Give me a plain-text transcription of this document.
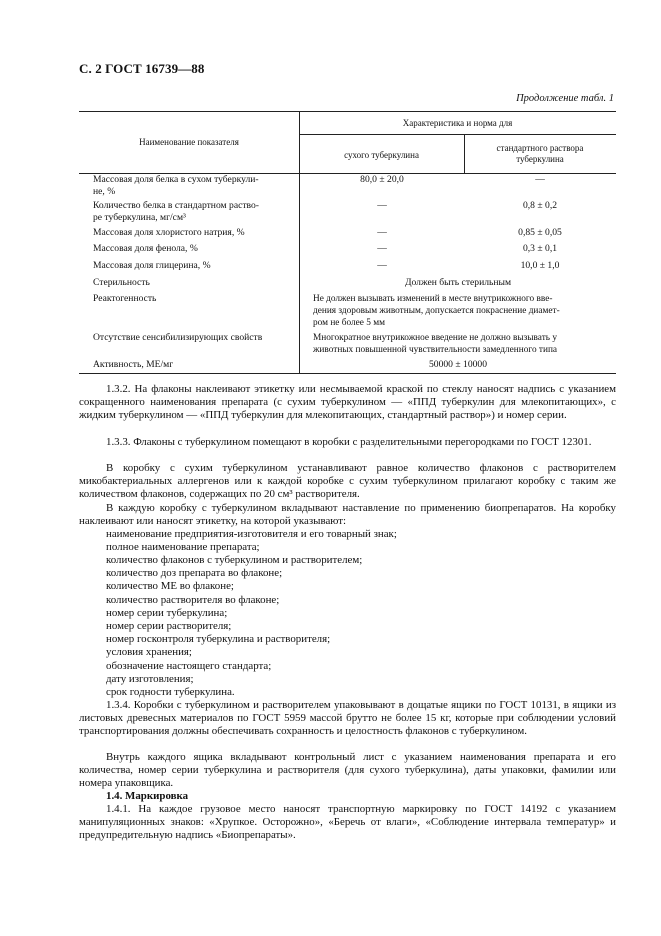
С. 2 ГОСТ 16739—88
Продолжение табл. 1
Наименование показателя
Характеристика и норма для
сухого туберкулина
стандартного раствора
туберкулина
Массовая доля белка в сухом туберкули-
не, %
80,0 ± 20,0	—
Количество белка в стандартном раство-
ре туберкулина, мг/см³
—	0,8 ± 0,2
Массовая доля хлористого натрия, %	—	0,85 ± 0,05
Массовая доля фенола, %	—	0,3 ± 0,1
Массовая доля глицерина, %	—	10,0 ± 1,0
Стерильность	Должен быть стерильным
Реактогенность	Не должен вызывать изменений в месте внутрикожного вве-
дения здоровым животным, допускается покраснение диамет-
ром не более 5 мм
Отсутствие сенсибилизирующих свойств	Многократное внутрикожное введение не должно вызывать у
животных повышенной чувствительности замедленного типа
Активность, МЕ/мг	50000 ± 10000
1.3.2. На флаконы наклеивают этикетку или несмываемой краской по стеклу наносят надпись с указанием сокращенного наименования препарата (с сухим туберкулином — «ППД туберкулин для млекопитающих», с жидким туберкулином — «ППД туберкулин для млекопитающих, стандартный раствор») и номер серии.
1.3.3. Флаконы с туберкулином помещают в коробки с разделительными перегородками по ГОСТ 12301.
В коробку с сухим туберкулином устанавливают равное количество флаконов с растворителем микобактериальных аллергенов или к каждой коробке с сухим туберкулином прилагают коробку с таким же количеством флаконов, содержащих по 20 см³ растворителя.
В каждую коробку с туберкулином вкладывают наставление по применению биопрепаратов. На коробку наклеивают или наносят этикетку, на которой указывают:
наименование предприятия-изготовителя и его товарный знак;
полное наименование препарата;
количество флаконов с туберкулином и растворителем;
количество доз препарата во флаконе;
количество МЕ во флаконе;
количество растворителя во флаконе;
номер серии туберкулина;
номер серии растворителя;
номер госконтроля туберкулина и растворителя;
условия хранения;
обозначение настоящего стандарта;
дату изготовления;
срок годности туберкулина.
1.3.4. Коробки с туберкулином и растворителем упаковывают в дощатые ящики по ГОСТ 10131, в ящики из листовых древесных материалов по ГОСТ 5959 массой брутто не более 15 кг, которые при соблюдении условий транспортирования должны обеспечивать сохранность и целостность флаконов с туберкулином.
Внутрь каждого ящика вкладывают контрольный лист с указанием наименования препарата и его количества, номер серии туберкулина и растворителя (для сухого туберкулина), даты упаковки, фамилии или номера упаковщика.
1.4. Маркировка
1.4.1. На каждое грузовое место наносят транспортную маркировку по ГОСТ 14192 с указанием манипуляционных знаков: «Хрупкое. Осторожно», «Беречь от влаги», «Соблюдение интервала температур» и предупредительную надпись «Биопрепараты».
